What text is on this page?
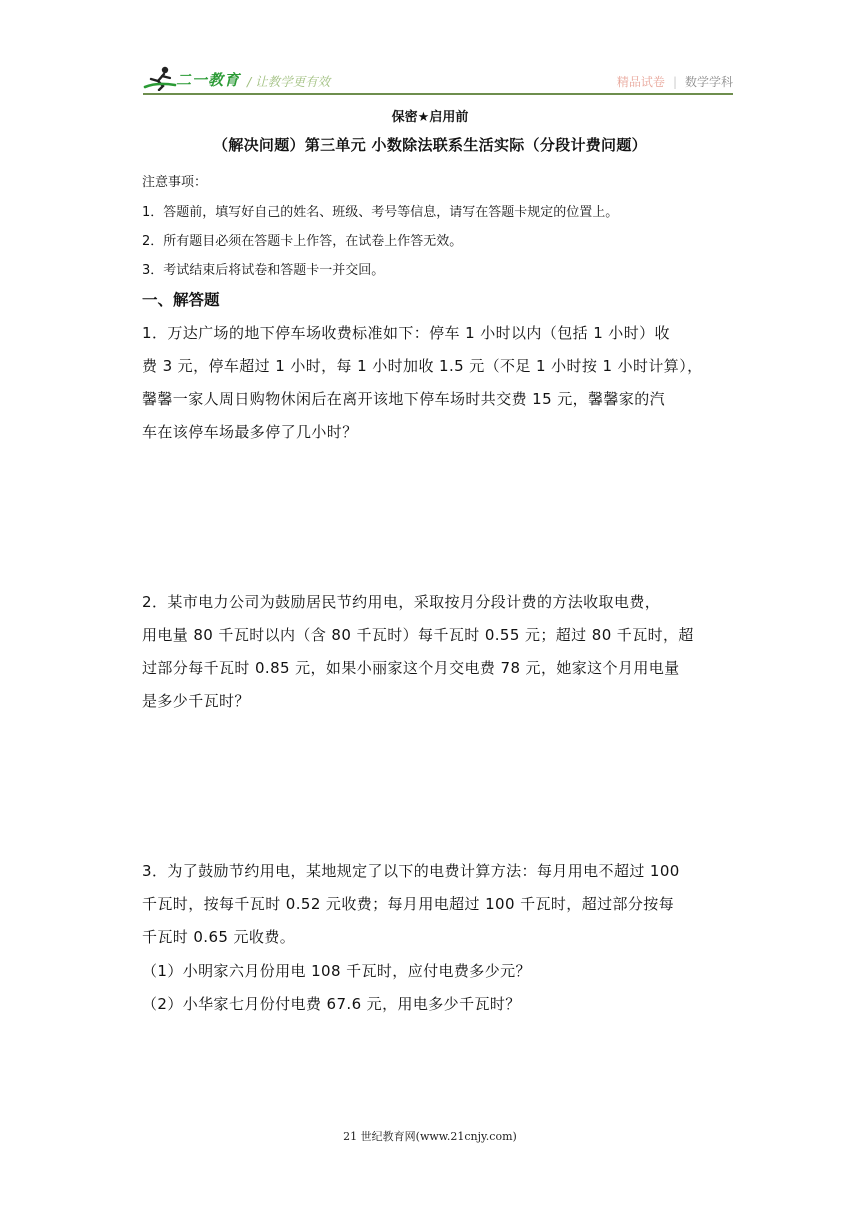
二一教育 / 让教学更有效	精品试卷 | 数学学科
保密★启用前
（解决问题）第三单元 小数除法联系生活实际（分段计费问题）
注意事项：
1．答题前，填写好自己的姓名、班级、考号等信息，请写在答题卡规定的位置上。
2．所有题目必须在答题卡上作答，在试卷上作答无效。
3．考试结束后将试卷和答题卡一并交回。
一、解答题
1．万达广场的地下停车场收费标准如下：停车 1 小时以内（包括 1 小时）收
费 3 元，停车超过 1 小时，每 1 小时加收 1.5 元（不足 1 小时按 1 小时计算），
馨馨一家人周日购物休闲后在离开该地下停车场时共交费 15 元，馨馨家的汽
车在该停车场最多停了几小时？
2．某市电力公司为鼓励居民节约用电，采取按月分段计费的方法收取电费，
用电量 80 千瓦时以内（含 80 千瓦时）每千瓦时 0.55 元；超过 80 千瓦时，超
过部分每千瓦时 0.85 元，如果小丽家这个月交电费 78 元，她家这个月用电量
是多少千瓦时？
3．为了鼓励节约用电，某地规定了以下的电费计算方法：每月用电不超过 100
千瓦时，按每千瓦时 0.52 元收费；每月用电超过 100 千瓦时，超过部分按每
千瓦时 0.65 元收费。
（1）小明家六月份用电 108 千瓦时，应付电费多少元？
（2）小华家七月份付电费 67.6 元，用电多少千瓦时？
21 世纪教育网(www.21cnjy.com)
